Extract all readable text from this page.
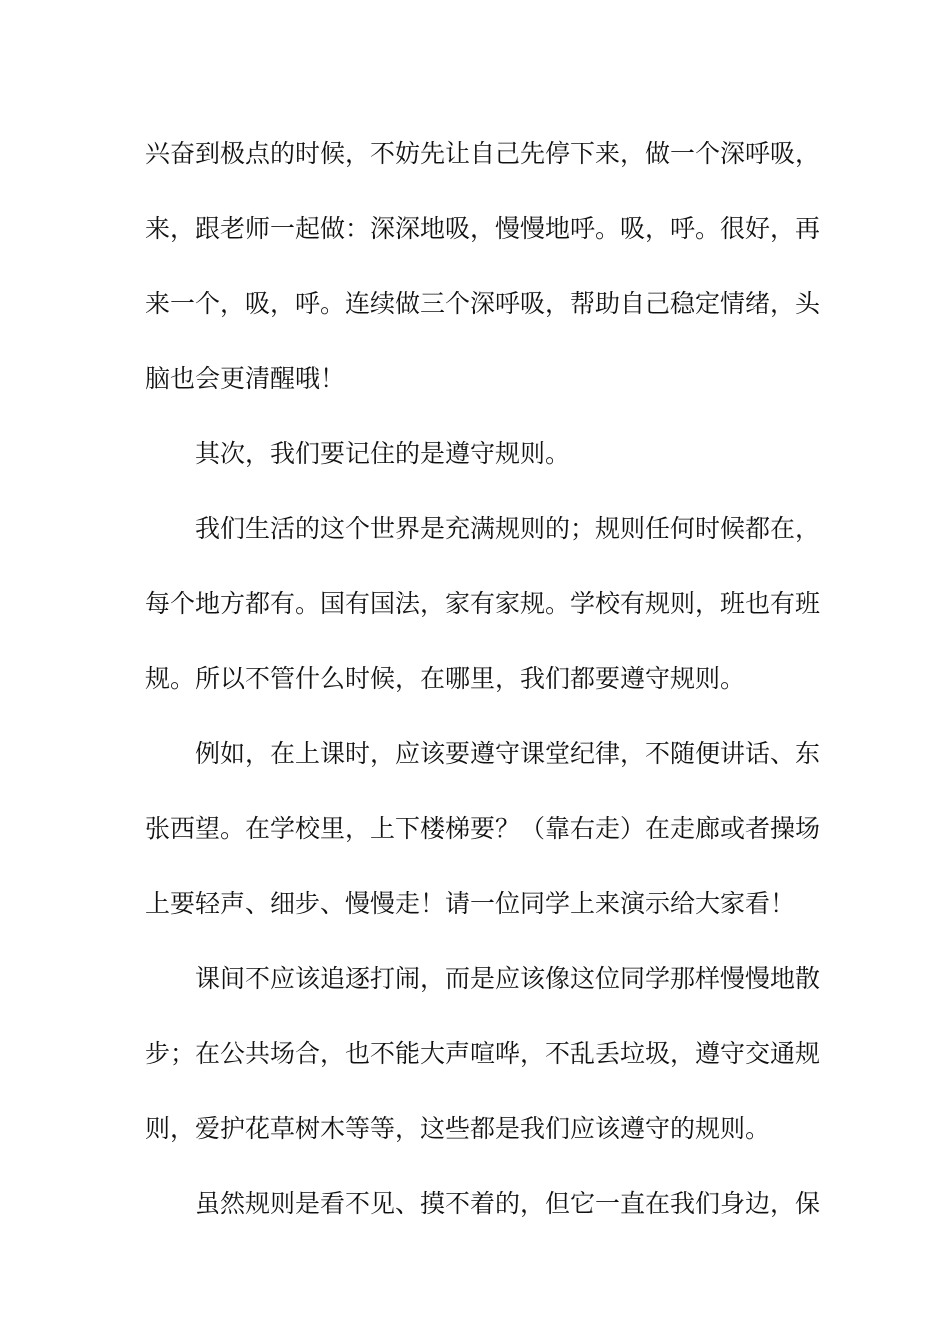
兴奋到极点的时候，不妨先让自己先停下来，做一个深呼吸，
来，跟老师一起做：深深地吸，慢慢地呼。吸，呼。很好，再
来一个，吸，呼。连续做三个深呼吸，帮助自己稳定情绪，头
脑也会更清醒哦！
其次，我们要记住的是遵守规则。
我们生活的这个世界是充满规则的；规则任何时候都在，
每个地方都有。国有国法，家有家规。学校有规则，班也有班
规。所以不管什么时候，在哪里，我们都要遵守规则。
例如，在上课时，应该要遵守课堂纪律，不随便讲话、东
张西望。在学校里，上下楼梯要？（靠右走）在走廊或者操场
上要轻声、细步、慢慢走！请一位同学上来演示给大家看！
课间不应该追逐打闹，而是应该像这位同学那样慢慢地散
步；在公共场合，也不能大声喧哗，不乱丢垃圾，遵守交通规
则，爱护花草树木等等，这些都是我们应该遵守的规则。
虽然规则是看不见、摸不着的，但它一直在我们身边，保
